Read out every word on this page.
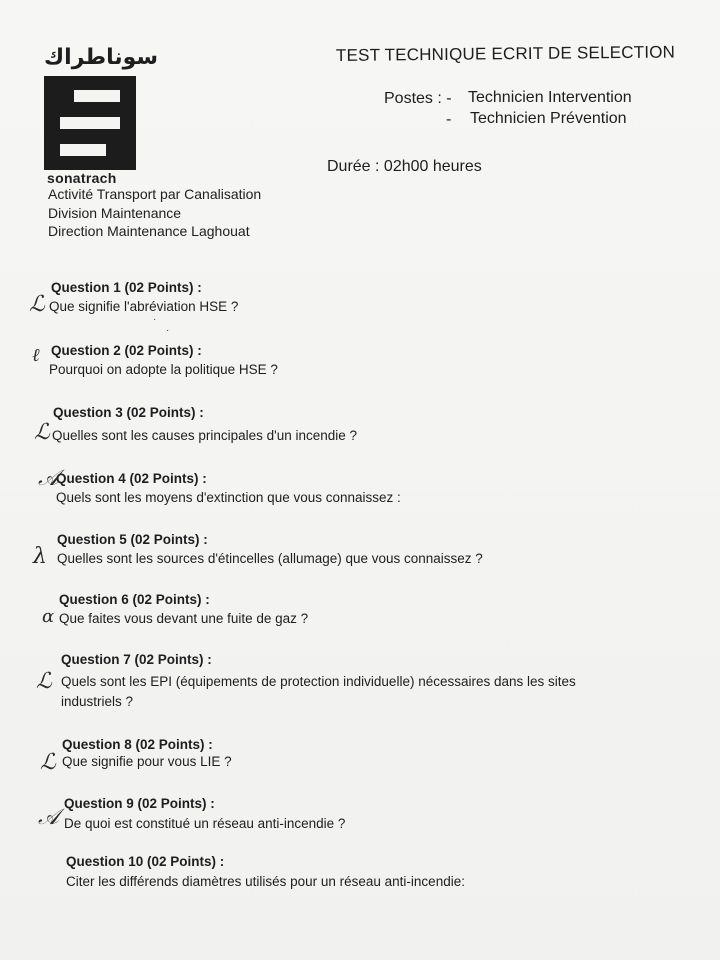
سوناطراك
sonatrach
Activité Transport par Canalisation
Division Maintenance
Direction Maintenance Laghouat
TEST TECHNIQUE ECRIT DE SELECTION
Postes : - Technicien Intervention
- Technicien Prévention
Durée : 02h00 heures
Question 1 (02 Points) :
Que signifie l'abréviation HSE ?
ℒ
·
·
Question 2 (02 Points) :
Pourquoi on adopte la politique HSE ?
ℓ
Question 3 (02 Points) :
Quelles sont les causes principales d'un incendie ?
ℒ
Question 4 (02 Points) :
Quels sont les moyens d'extinction que vous connaissez :
𝒜
Question 5 (02 Points) :
Quelles sont les sources d'étincelles (allumage) que vous connaissez ?
λ
Question 6 (02 Points) :
Que faites vous devant une fuite de gaz ?
α
Question 7 (02 Points) :
Quels sont les EPI (équipements de protection individuelle) nécessaires dans les sites
industriels ?
ℒ
Question 8 (02 Points) :
Que signifie pour vous LIE ?
ℒ
Question 9 (02 Points) :
De quoi est constitué un réseau anti-incendie ?
𝒜
Question 10 (02 Points) :
Citer les différends diamètres utilisés pour un réseau anti-incendie:
